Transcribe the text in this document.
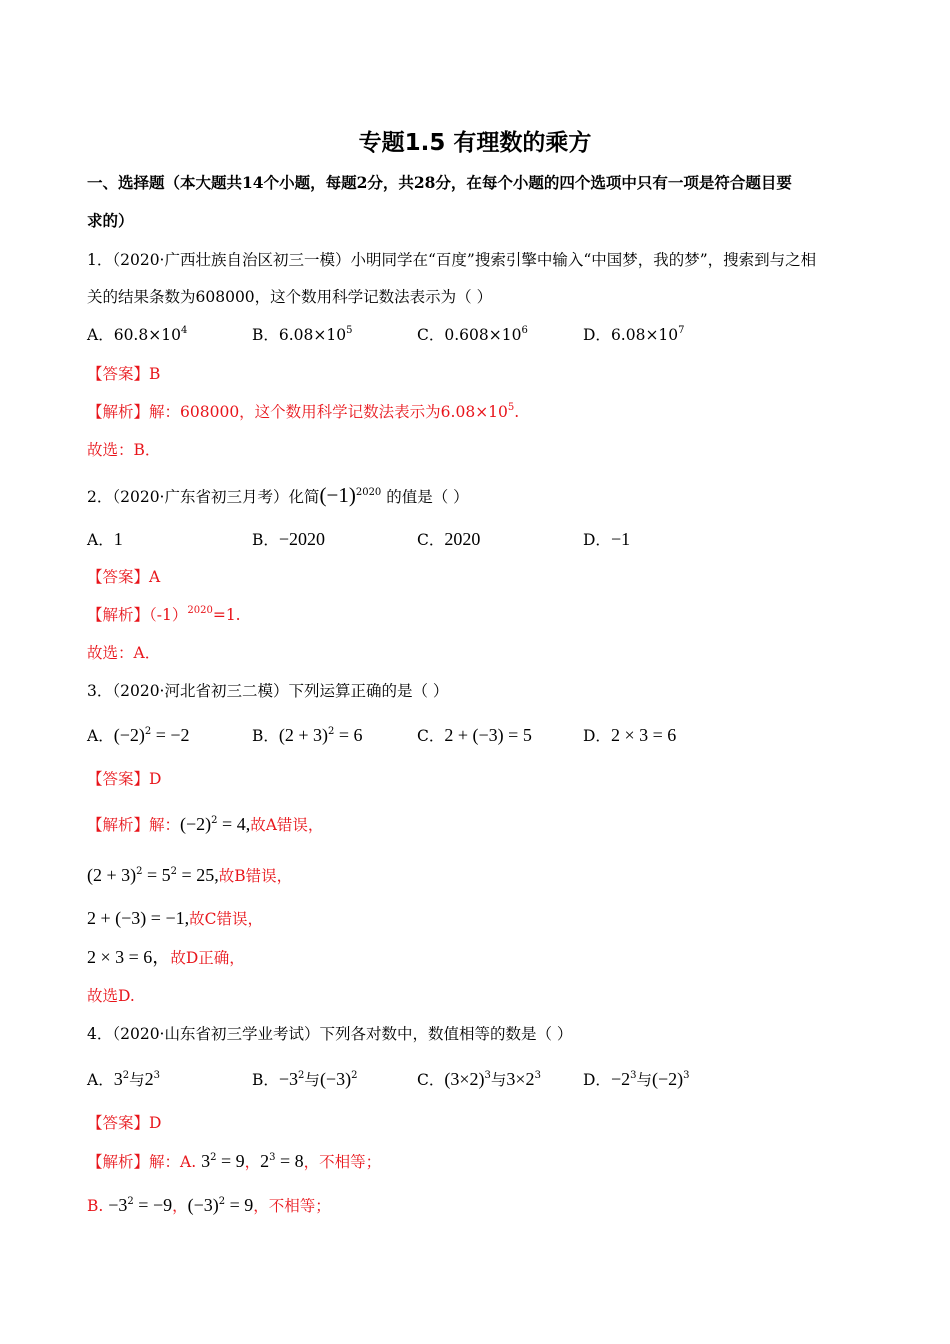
专题1.5 有理数的乘方
一、选择题（本大题共14个小题，每题2分，共28分，在每个小题的四个选项中只有一项是符合题目要
求的）
1．（2020·广西壮族自治区初三一模）小明同学在“百度”搜索引擎中输入“中国梦，我的梦”，搜索到与之相
关的结果条数为608000，这个数用科学记数法表示为（ ）
A．$60.8\times 10^4$	B．$6.08\times 10^5$	C．$0.608\times 10^6$	D．$6.08\times 10^7$
【答案】B
【解析】解：608000，这个数用科学记数法表示为$6.08\times 10^5$.
故选：B．
2．（2020·广东省初三月考）化简$(-1)^{2020}$ 的值是（ ）
A．1	B．−2020	C．2020	D．−1
【答案】A
【解析】$(-1)^{2020}=1$.
故选：A．
3．（2020·河北省初三二模）下列运算正确的是（ ）
A．$(-2)^2 = -2$	B．$(2 + 3)^2 = 6$	C．2 + (−3) = 5	D．2 × 3 = 6
【答案】D
【解析】解：$(-2)^2 = 4$,故A错误，
$(2 + 3)^2 = 5^2 = 25$,故B错误，
2 + (−3) = −1,故C错误，
2 × 3 = 6，故D正确，
故选D.
4．（2020·山东省初三学业考试）下列各对数中，数值相等的数是（ ）
A．$3^2$与$2^3$	B．$-3^2$与$(-3)^2$	C．$(3\times 2)^3$与$3\times 2^3$	D．$-2^3$与$(-2)^3$
【答案】D
【解析】解：A. $3^2 = 9$，$2^3 = 8$，不相等；
B. $-3^2 = -9$，$(-3)^2 = 9$，不相等；
